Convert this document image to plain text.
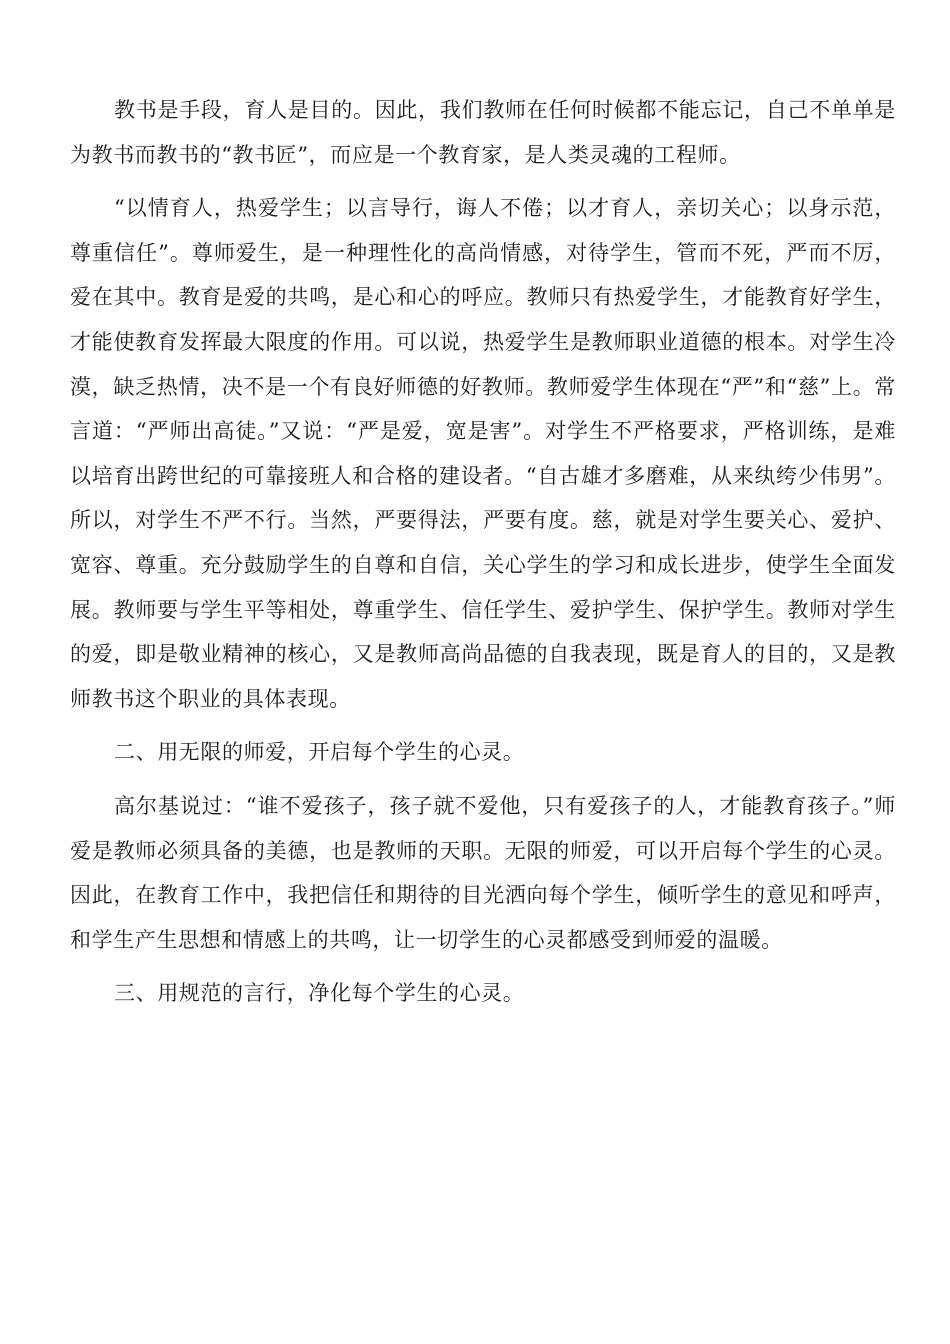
教书是手段，育人是目的。因此，我们教师在任何时候都不能忘记，自己不单单是为教书而教书的“教书匠”，而应是一个教育家，是人类灵魂的工程师。

“以情育人，热爱学生；以言导行，诲人不倦；以才育人，亲切关心；以身示范，尊重信任”。尊师爱生，是一种理性化的高尚情感，对待学生，管而不死，严而不厉，爱在其中。教育是爱的共鸣，是心和心的呼应。教师只有热爱学生，才能教育好学生，才能使教育发挥最大限度的作用。可以说，热爱学生是教师职业道德的根本。对学生冷漠，缺乏热情，决不是一个有良好师德的好教师。教师爱学生体现在“严”和“慈”上。常言道：“严师出高徒。”又说：“严是爱，宽是害”。对学生不严格要求，严格训练，是难以培育出跨世纪的可靠接班人和合格的建设者。“自古雄才多磨难，从来纨绔少伟男”。所以，对学生不严不行。当然，严要得法，严要有度。慈，就是对学生要关心、爱护、宽容、尊重。充分鼓励学生的自尊和自信，关心学生的学习和成长进步，使学生全面发展。教师要与学生平等相处，尊重学生、信任学生、爱护学生、保护学生。教师对学生的爱，即是敬业精神的核心，又是教师高尚品德的自我表现，既是育人的目的，又是教师教书这个职业的具体表现。

二、用无限的师爱，开启每个学生的心灵。

高尔基说过：“谁不爱孩子，孩子就不爱他，只有爱孩子的人，才能教育孩子。”师爱是教师必须具备的美德，也是教师的天职。无限的师爱，可以开启每个学生的心灵。因此，在教育工作中，我把信任和期待的目光洒向每个学生，倾听学生的意见和呼声，和学生产生思想和情感上的共鸣，让一切学生的心灵都感受到师爱的温暖。

三、用规范的言行，净化每个学生的心灵。
